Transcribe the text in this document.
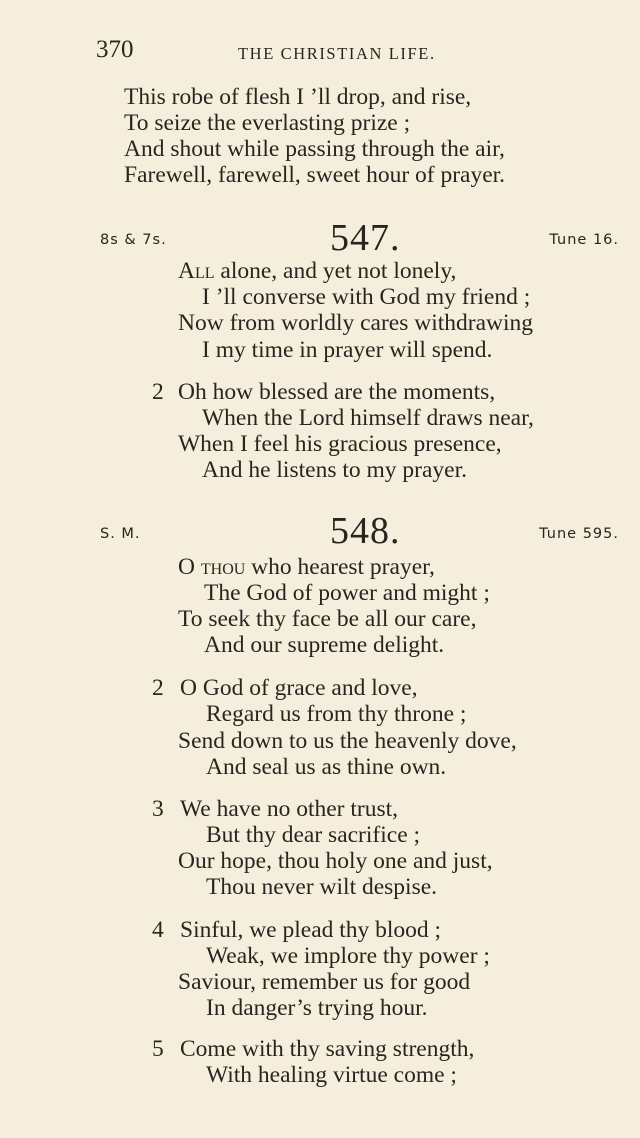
370	THE CHRISTIAN LIFE.
This robe of flesh I ’ll drop, and rise,
To seize the everlasting prize ;
And shout while passing through the air,
Farewell, farewell, sweet hour of prayer.
8s & 7s.	547.	Tune 16.
All alone, and yet not lonely,
I ’ll converse with God my friend ;
Now from worldly cares withdrawing
I my time in prayer will spend.
2 Oh how blessed are the moments,
When the Lord himself draws near,
When I feel his gracious presence,
And he listens to my prayer.
S. M.	548.	Tune 595.
O thou who hearest prayer,
The God of power and might ;
To seek thy face be all our care,
And our supreme delight.
2 O God of grace and love,
Regard us from thy throne ;
Send down to us the heavenly dove,
And seal us as thine own.
3 We have no other trust,
But thy dear sacrifice ;
Our hope, thou holy one and just,
Thou never wilt despise.
4 Sinful, we plead thy blood ;
Weak, we implore thy power ;
Saviour, remember us for good
In danger’s trying hour.
5 Come with thy saving strength,
With healing virtue come ;
